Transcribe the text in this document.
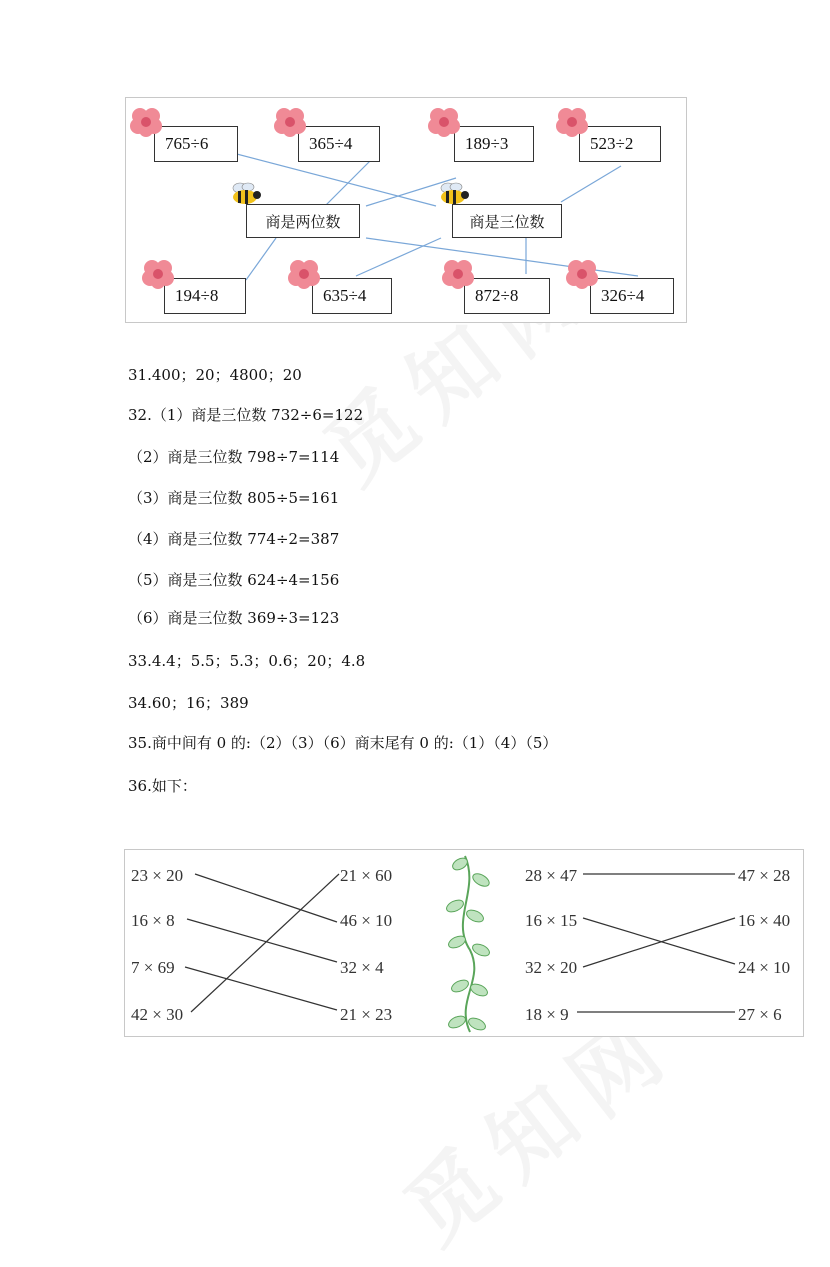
765÷6	365÷4	189÷3	523÷2
商是两位数	商是三位数
194÷8	635÷4	872÷8	326÷4
31.400；20；4800；20
32.（1）商是三位数 732÷6=122
（2）商是三位数 798÷7=114
（3）商是三位数 805÷5=161
（4）商是三位数 774÷2=387
（5）商是三位数 624÷4=156
（6）商是三位数 369÷3=123
33.4.4；5.5；5.3；0.6；20；4.8
34.60；16；389
35.商中间有 0 的:（2）（3）（6）商末尾有 0 的:（1）（4）（5）
36.如下：
23 × 20
16 × 8
7 × 69
42 × 30
21 × 60
46 × 10
32 × 4
21 × 23
28 × 47
16 × 15
32 × 20
18 × 9
47 × 28
16 × 40
24 × 10
27 × 6
